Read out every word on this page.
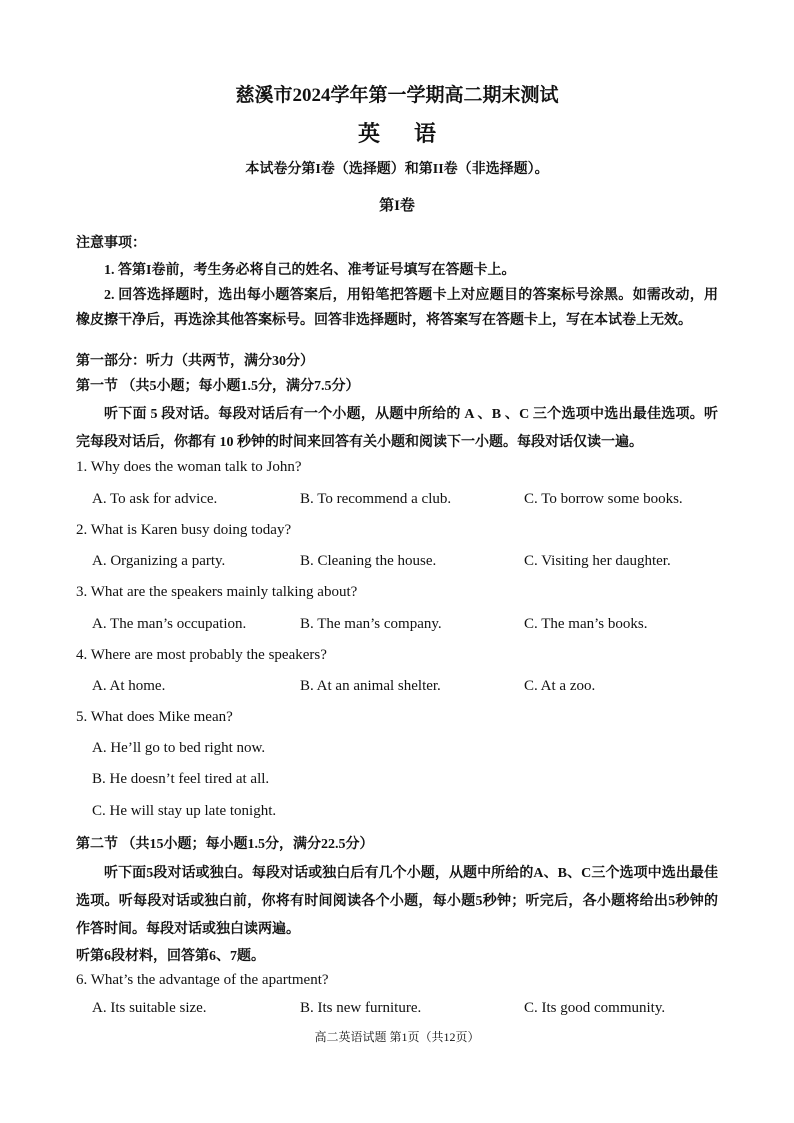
慈溪市2024学年第一学期高二期末测试
英语
本试卷分第I卷（选择题）和第II卷（非选择题）。
第I卷
注意事项：
1. 答第I卷前，考生务必将自己的姓名、准考证号填写在答题卡上。
2. 回答选择题时，选出每小题答案后，用铅笔把答题卡上对应题目的答案标号涂黑。如需改动，用
橡皮擦干净后，再选涂其他答案标号。回答非选择题时，将答案写在答题卡上，写在本试卷上无效。
第一部分：听力（共两节，满分30分）
第一节 （共5小题；每小题1.5分，满分7.5分）
听下面 5 段对话。每段对话后有一个小题，从题中所给的 A 、B 、C 三个选项中选出最佳选项。听
完每段对话后，你都有 10 秒钟的时间来回答有关小题和阅读下一小题。每段对话仅读一遍。
1. Why does the woman talk to John?
A. To ask for advice.	B. To recommend a club.	C. To borrow some books.
2. What is Karen busy doing today?
A. Organizing a party.	B. Cleaning the house.	C. Visiting her daughter.
3. What are the speakers mainly talking about?
A. The man’s occupation.	B. The man’s company.	C. The man’s books.
4. Where are most probably the speakers?
A. At home.	B. At an animal shelter.	C. At a zoo.
5. What does Mike mean?
A. He’ll go to bed right now.
B. He doesn’t feel tired at all.
C. He will stay up late tonight.
第二节 （共15小题；每小题1.5分，满分22.5分）
听下面5段对话或独白。每段对话或独白后有几个小题，从题中所给的A、B、C三个选项中选出最佳
选项。听每段对话或独白前，你将有时间阅读各个小题，每小题5秒钟；听完后，各小题将给出5秒钟的
作答时间。每段对话或独白读两遍。
听第6段材料，回答第6、7题。
6. What’s the advantage of the apartment?
A. Its suitable size.	B. Its new furniture.	C. Its good community.
高二英语试题 第1页（共12页）
